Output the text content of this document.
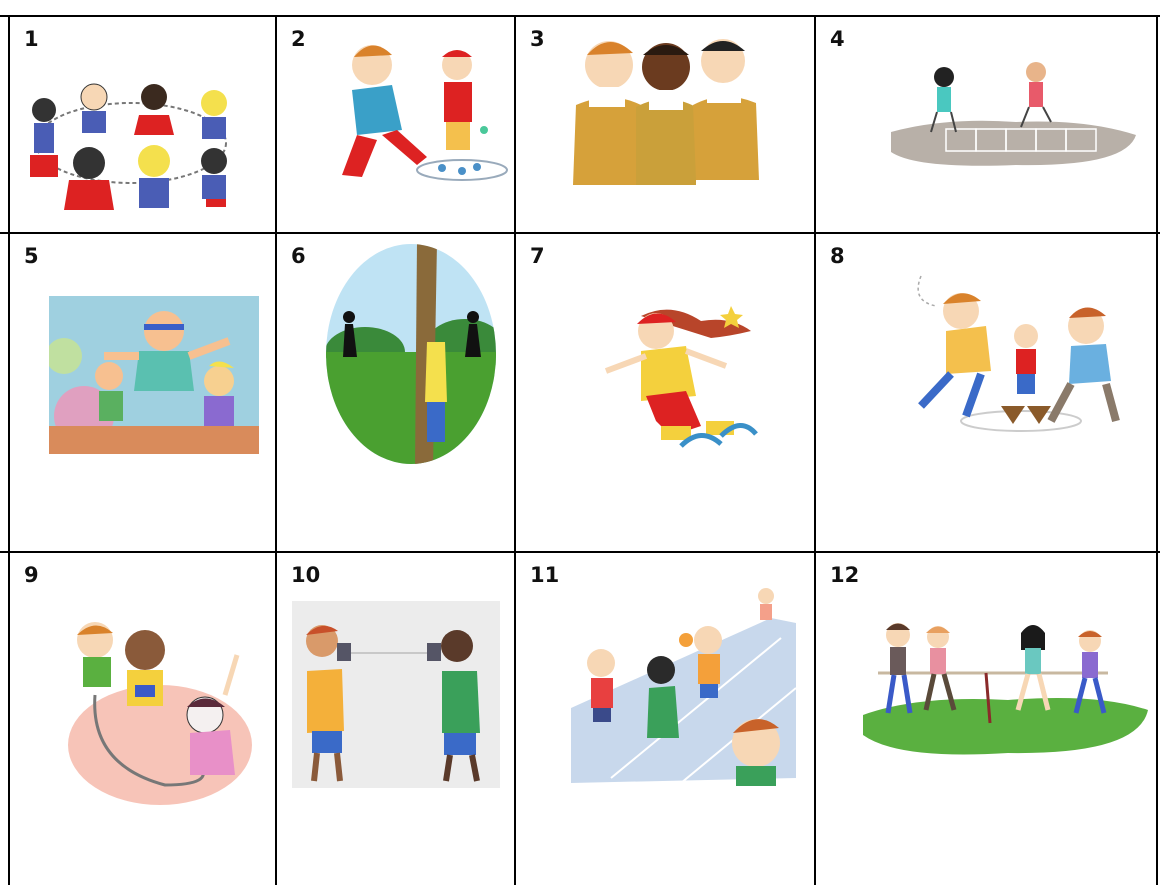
1	2	3	4
5	6	7	8
9	10	11	12
